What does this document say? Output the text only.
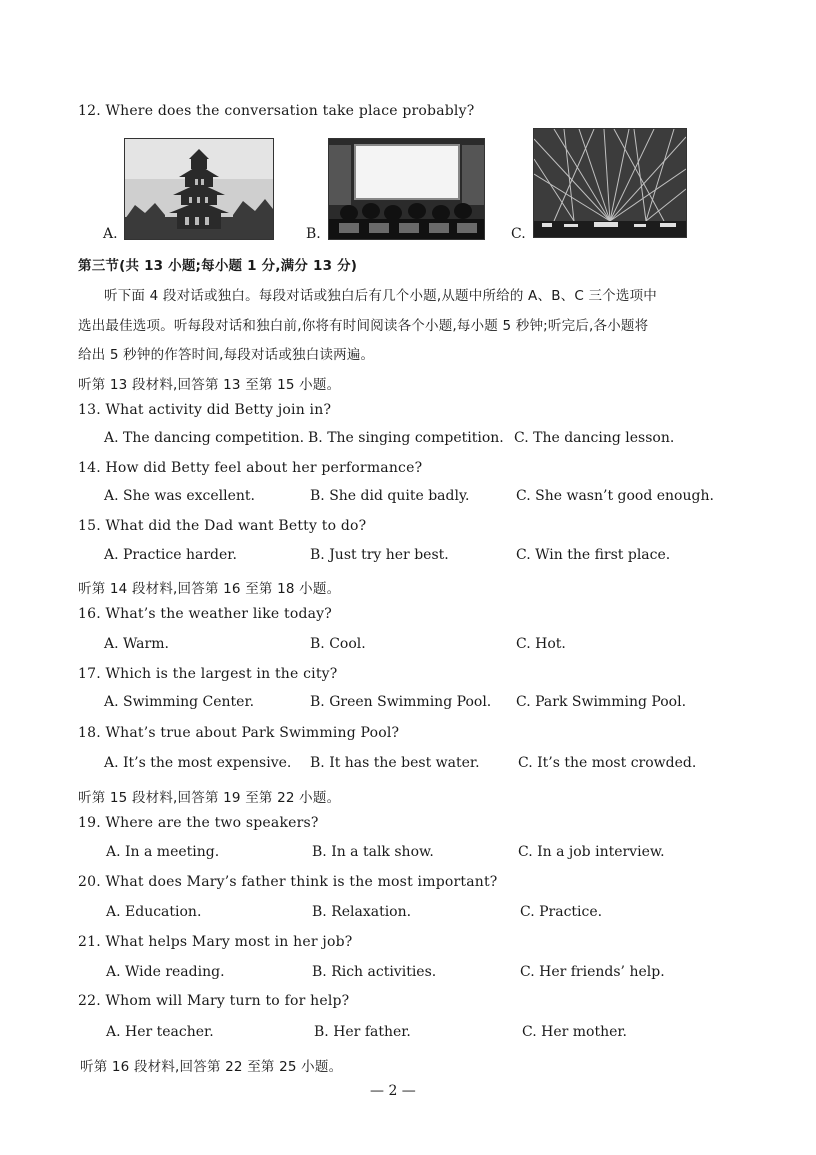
12. Where does the conversation take place probably?
A.	B.	C.
第三节(共 13 小题;每小题 1 分,满分 13 分)
听下面 4 段对话或独白。每段对话或独白后有几个小题,从题中所给的 A、B、C 三个选项中
选出最佳选项。听每段对话和独白前,你将有时间阅读各个小题,每小题 5 秒钟;听完后,各小题将
给出 5 秒钟的作答时间,每段对话或独白读两遍。
听第 13 段材料,回答第 13 至第 15 小题。
13. What activity did Betty join in?
A. The dancing competition. B. The singing competition. C. The dancing lesson.
14. How did Betty feel about her performance?
A. She was excellent.	B. She did quite badly.	C. She wasn’t good enough.
15. What did the Dad want Betty to do?
A. Practice harder.	B. Just try her best.	C. Win the first place.
听第 14 段材料,回答第 16 至第 18 小题。
16. What’s the weather like today?
A. Warm.	B. Cool.	C. Hot.
17. Which is the largest in the city?
A. Swimming Center.	B. Green Swimming Pool. C. Park Swimming Pool.
18. What’s true about Park Swimming Pool?
A. It’s the most expensive. B. It has the best water.	C. It’s the most crowded.
听第 15 段材料,回答第 19 至第 22 小题。
19. Where are the two speakers?
A. In a meeting.	B. In a talk show.	C. In a job interview.
20. What does Mary’s father think is the most important?
A. Education.	B. Relaxation.	C. Practice.
21. What helps Mary most in her job?
A. Wide reading.	B. Rich activities.	C. Her friends’ help.
22. Whom will Mary turn to for help?
A. Her teacher.	B. Her father.	C. Her mother.
听第 16 段材料,回答第 22 至第 25 小题。
— 2 —
